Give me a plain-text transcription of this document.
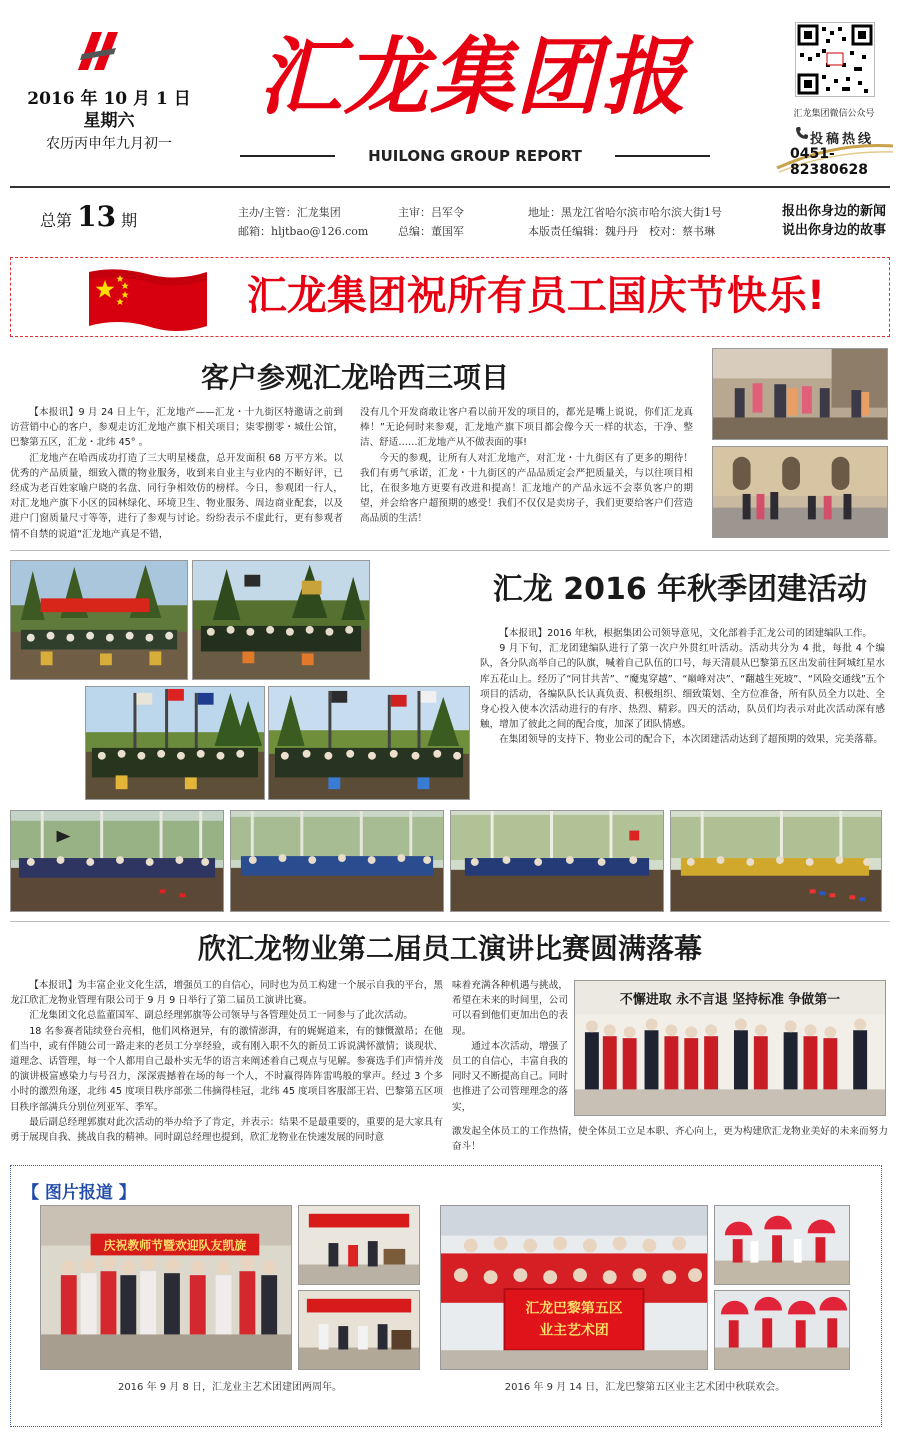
2016 年 10 月 1 日
星期六
农历丙申年九月初一
汇龙集团报
HUILONG GROUP REPORT
汇龙集团微信公众号
投稿热线
0451-82380628
总第 13 期	主办/主管：汇龙集团
邮箱：hljtbao@126.com
主审：吕军令
总编：董国军
地址：黑龙江省哈尔滨市哈尔滨大街1号
本版责任编辑：魏丹丹　校对：蔡书琳
报出你身边的新闻
说出你身边的故事
汇龙集团祝所有员工国庆节快乐!
客户参观汇龙哈西三项目

【本报讯】9 月 24 日上午，汇龙地产——汇龙・十九街区特邀请之前到访营销中心的客户，参观走访汇龙地产旗下相关项目；柒零捌零・城仕公馆，巴黎第五区，汇龙・北纬 45° 。

汇龙地产在哈西成功打造了三大明星楼盘，总开发面积 68 万平方米。以优秀的产品质量，细致入微的物业服务，收到来自业主与业内的不断好评，已经成为老百姓家喻户晓的名盘、同行争相效仿的榜样。今日，参观团一行人，对汇龙地产旗下小区的园林绿化、环境卫生、物业服务、周边商业配套，以及进户门窗质量尺寸等等，进行了参观与讨论。纷纷表示不虚此行，更有参观者情不自禁的说道“汇龙地产真是不错，

没有几个开发商敢让客户看以前开发的项目的，都光是嘴上说说，你们汇龙真棒！”无论何时来参观，汇龙地产旗下项目都会像今天一样的状态，干净、整洁、舒适……汇龙地产从不做表面的事!

今天的参观，让所有人对汇龙地产，对汇龙・十九街区有了更多的期待！我们有勇气承诺，汇龙・十九街区的产品品质定会严把质量关，与以往项目相比，在很多地方更要有改进和提高！汇龙地产的产品永远不会辜负客户的期望，并会给客户超预期的感受！我们不仅仅是卖房子，我们更要给客户们营造高品质的生活！

汇龙 2016 年秋季团建活动

【本报讯】2016 年秋，根据集团公司领导意见，文化部着手汇龙公司的团建编队工作。

9 月下旬，汇龙团建编队进行了第一次户外贯红叶活动。活动共分为 4 批，每批 4 个编队，各分队高举自己的队旗，喊着自己队伍的口号，每天清晨从巴黎第五区出发前往阿城红星水库五花山上。经历了“同甘共苦”、“魔鬼穿越”、“巅峰对决”、“翻越生死坡”、“风险交通线”五个项目的活动，各编队队长认真负责、积极组织、细致策划、全方位准备，所有队员全力以赴、全身心投入使本次活动进行的有序、热烈、精彩。四天的活动，队员们均表示对此次活动深有感触，增加了彼此之间的配合度，加深了团队情感。

在集团领导的支持下、物业公司的配合下，本次团建活动达到了超预期的效果，完美落幕。

欣汇龙物业第二届员工演讲比赛圆满落幕

【本报讯】为丰富企业文化生活，增强员工的自信心，同时也为员工构建一个展示自我的平台，黑龙江欣汇龙物业管理有限公司于 9 月 9 日举行了第二届员工演讲比赛。

汇龙集团文化总监董国军、副总经理郭旗等公司领导与各管理处员工一同参与了此次活动。

18 名参赛者陆续登台亮相，他们风格迥异，有的激情澎湃，有的娓娓道来，有的慷慨激昂；在他们当中，或有伴随公司一路走来的老员工分享经验，或有刚入职不久的新员工诉说满怀激情；谈现状、道理念、话管理，每一个人都用自己最朴实无华的语言来阐述着自己观点与见解。参赛选手们声情并茂的演讲极富感染力与号召力，深深震撼着在场的每一个人，不时赢得阵阵雷鸣般的掌声。经过 3 个多小时的激烈角逐，北纬 45 度项目秩序部张二伟摘得桂冠，北纬 45 度项目客服部王岩、巴黎第五区项目秩序部满兵分别位列亚军、季军。

最后副总经理郭旗对此次活动的举办给予了肯定，并表示：结果不是最重要的，重要的是大家具有勇于展现自我、挑战自我的精神。同时副总经理也提到，欣汇龙物业在快速发展的同时意

味着充满各种机遇与挑战，希望在未来的时间里，公司可以看到他们更加出色的表现。

通过本次活动，增强了员工的自信心，丰富自我的同时又不断提高自己。同时也推进了公司管理理念的落实，

激发起全体员工的工作热情，使全体员工立足本职、齐心向上，更为构建欣汇龙物业美好的未来而努力奋斗！
不懈进取 永不言退 坚持标准 争做第一
【 图片报道 】
庆祝教师节暨欢迎队友凯旋
2016 年 9 月 8 日，汇龙业主艺术团建团两周年。
汇龙巴黎第五区
业主艺术团
2016 年 9 月 14 日，汇龙巴黎第五区业主艺术团中秋联欢会。
